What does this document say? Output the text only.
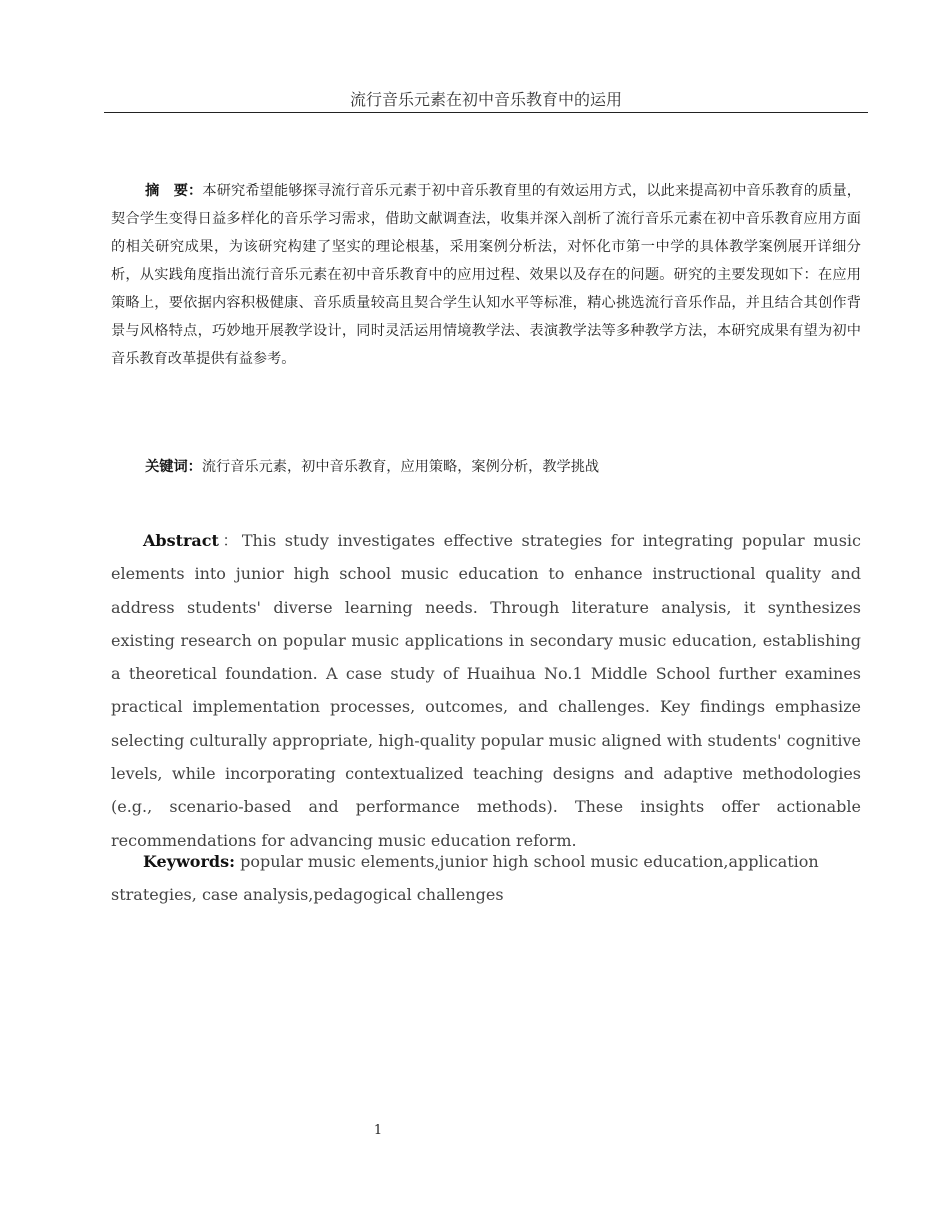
流行音乐元素在初中音乐教育中的运用

摘　要：本研究希望能够探寻流行音乐元素于初中音乐教育里的有效运用方式，以此来提高初中音乐教育的质量，契合学生变得日益多样化的音乐学习需求，借助文献调查法，收集并深入剖析了流行音乐元素在初中音乐教育应用方面的相关研究成果，为该研究构建了坚实的理论根基，采用案例分析法，对怀化市第一中学的具体教学案例展开详细分析，从实践角度指出流行音乐元素在初中音乐教育中的应用过程、效果以及存在的问题。研究的主要发现如下：在应用策略上，要依据内容积极健康、音乐质量较高且契合学生认知水平等标准，精心挑选流行音乐作品，并且结合其创作背景与风格特点，巧妙地开展教学设计，同时灵活运用情境教学法、表演教学法等多种教学方法，本研究成果有望为初中音乐教育改革提供有益参考。

关键词：流行音乐元素，初中音乐教育，应用策略，案例分析，教学挑战

Abstract：This study investigates effective strategies for integrating popular music elements into junior high school music education to enhance instructional quality and address students' diverse learning needs. Through literature analysis, it synthesizes existing research on popular music applications in secondary music education, establishing a theoretical foundation. A case study of Huaihua No.1 Middle School further examines practical implementation processes, outcomes, and challenges. Key findings emphasize selecting culturally appropriate, high-quality popular music aligned with students' cognitive levels, while incorporating contextualized teaching designs and adaptive methodologies (e.g., scenario-based and performance methods). These insights offer actionable recommendations for advancing music education reform.

Keywords: popular music elements,junior high school music education,application strategies, case analysis,pedagogical challenges

1
